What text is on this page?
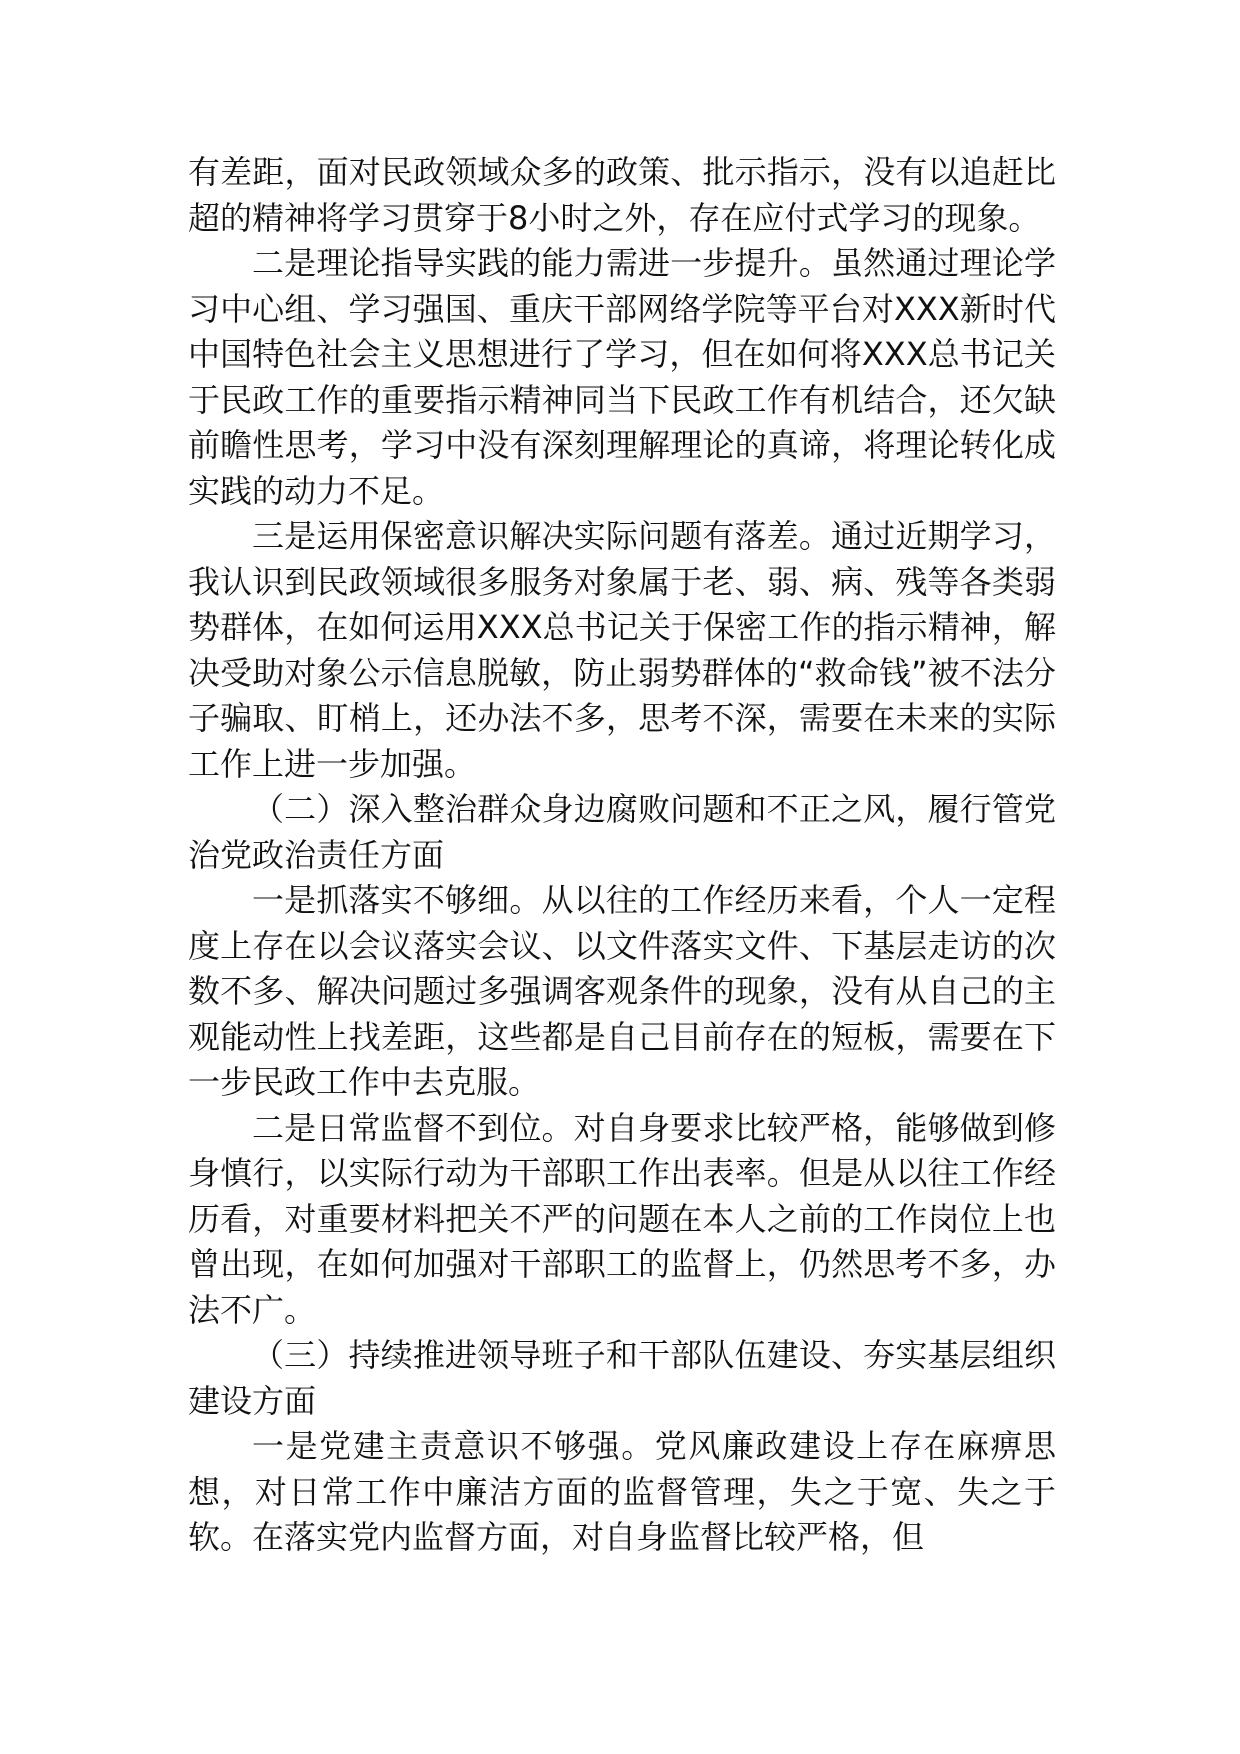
有差距，面对民政领域众多的政策、批示指示，没有以追赶比超的精神将学习贯穿于8小时之外，存在应付式学习的现象。

二是理论指导实践的能力需进一步提升。虽然通过理论学习中心组、学习强国、重庆干部网络学院等平台对XXX新时代中国特色社会主义思想进行了学习，但在如何将XXX总书记关于民政工作的重要指示精神同当下民政工作有机结合，还欠缺前瞻性思考，学习中没有深刻理解理论的真谛，将理论转化成实践的动力不足。

三是运用保密意识解决实际问题有落差。通过近期学习，我认识到民政领域很多服务对象属于老、弱、病、残等各类弱势群体，在如何运用XXX总书记关于保密工作的指示精神，解决受助对象公示信息脱敏，防止弱势群体的“救命钱”被不法分子骗取、盯梢上，还办法不多，思考不深，需要在未来的实际工作上进一步加强。

（二）深入整治群众身边腐败问题和不正之风，履行管党治党政治责任方面

一是抓落实不够细。从以往的工作经历来看，个人一定程度上存在以会议落实会议、以文件落实文件、下基层走访的次数不多、解决问题过多强调客观条件的现象，没有从自己的主观能动性上找差距，这些都是自己目前存在的短板，需要在下一步民政工作中去克服。

二是日常监督不到位。对自身要求比较严格，能够做到修身慎行，以实际行动为干部职工作出表率。但是从以往工作经历看，对重要材料把关不严的问题在本人之前的工作岗位上也曾出现，在如何加强对干部职工的监督上，仍然思考不多，办法不广。

（三）持续推进领导班子和干部队伍建设、夯实基层组织建设方面

一是党建主责意识不够强。党风廉政建设上存在麻痹思想，对日常工作中廉洁方面的监督管理，失之于宽、失之于软。在落实党内监督方面，对自身监督比较严格，但
